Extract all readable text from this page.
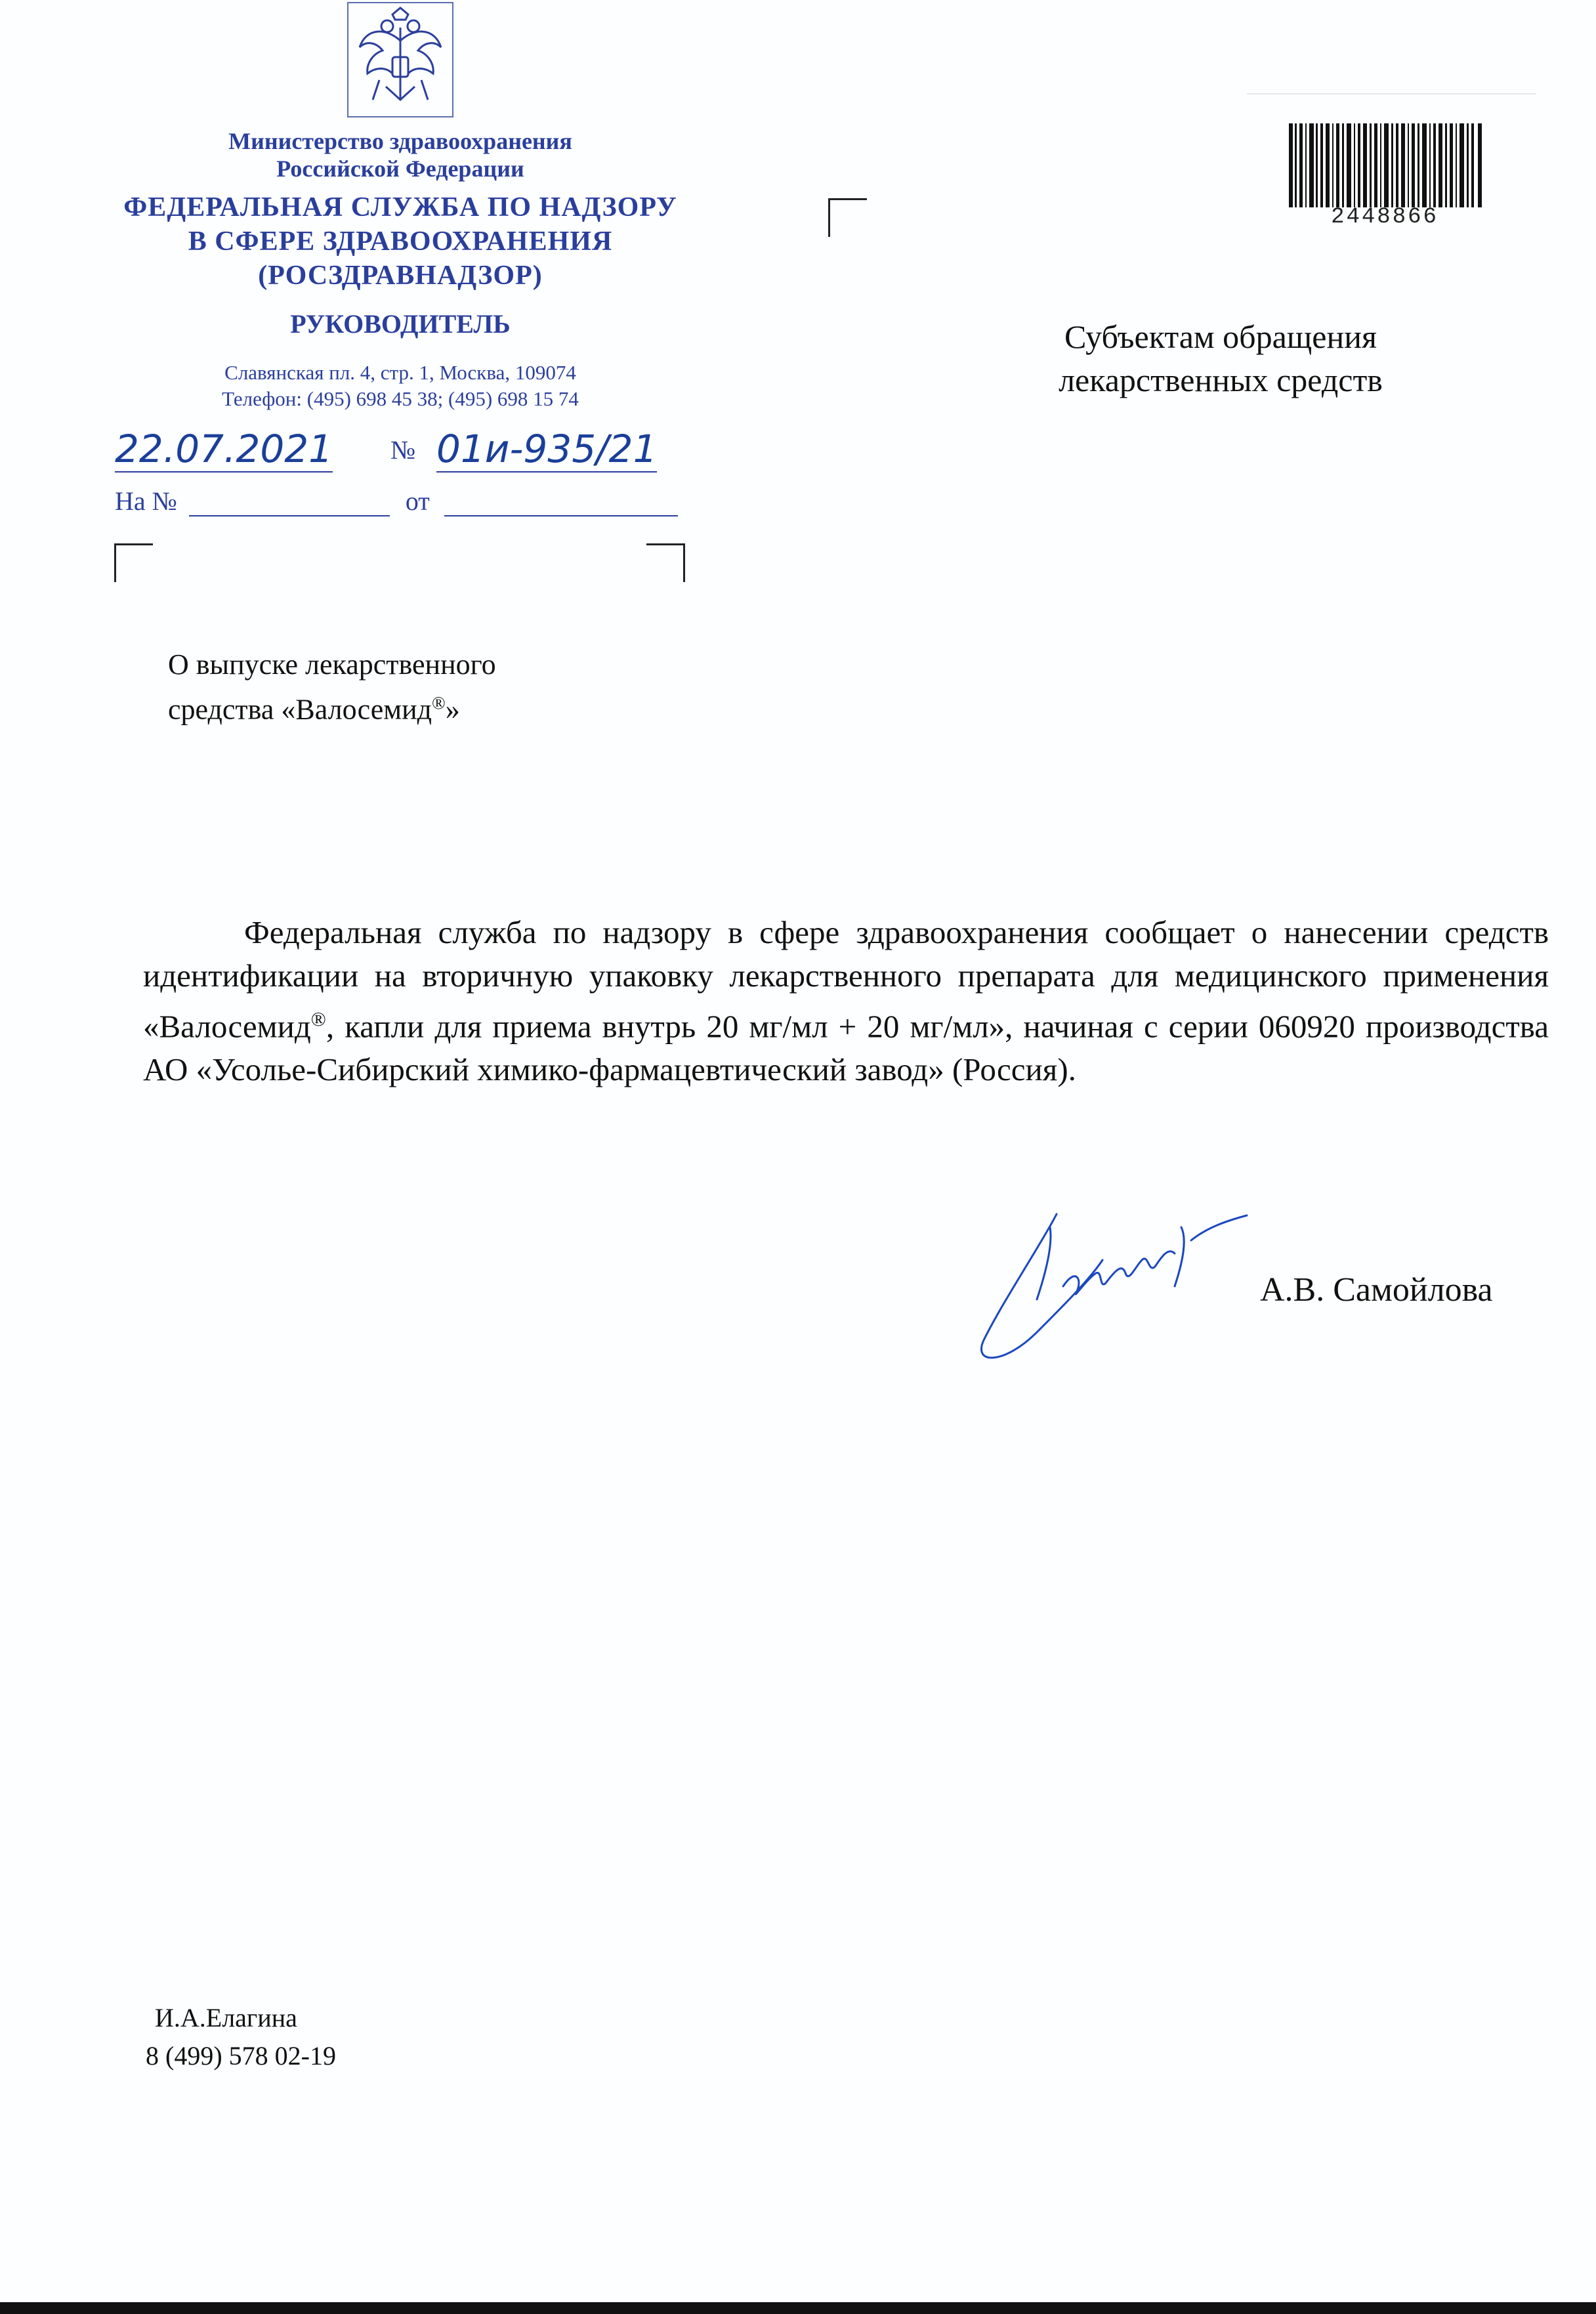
Министерство здравоохранения
Российской Федерации
ФЕДЕРАЛЬНАЯ СЛУЖБА ПО НАДЗОРУ
В СФЕРЕ ЗДРАВООХРАНЕНИЯ
(РОСЗДРАВНАДЗОР)
РУКОВОДИТЕЛЬ
Славянская пл. 4, стр. 1, Москва, 109074
Телефон: (495) 698 45 38; (495) 698 15 74
22.07.2021 № 01и-935/21
На №	от
2448866
Субъектам обращения
лекарственных средств
О выпуске лекарственного
средства «Валосемид®»
Федеральная служба по надзору в сфере здравоохранения сообщает о нанесении средств идентификации на вторичную упаковку лекарственного препарата для медицинского применения «Валосемид®, капли для приема внутрь 20 мг/мл + 20 мг/мл», начиная с серии 060920 производства АО «Усолье-Сибирский химико-фармацевтический завод» (Россия).
А.В. Самойлова
И.А.Елагина
8 (499) 578 02-19
